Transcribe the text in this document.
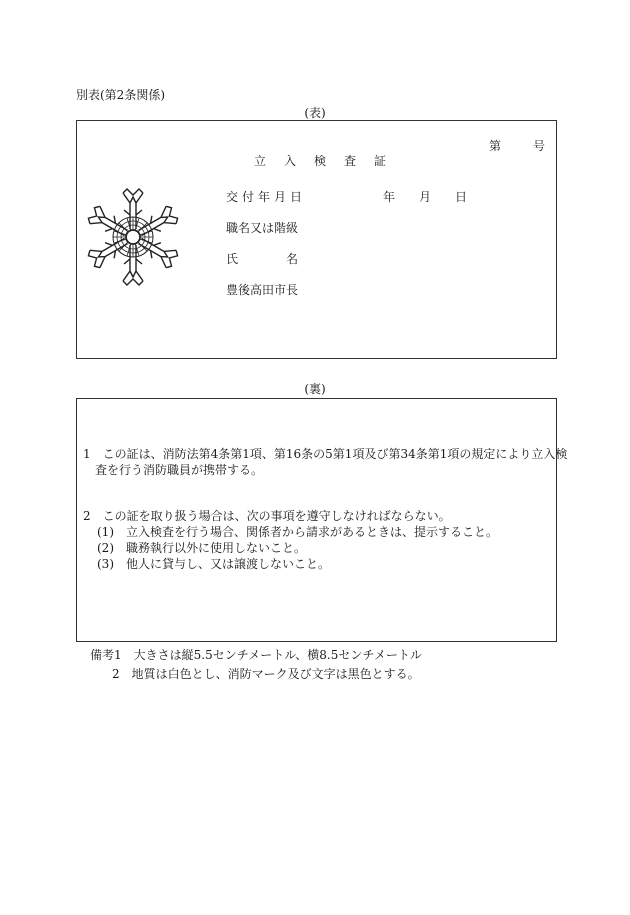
別表(第2条関係)
(表)
第	号
立 入 検 査 証
交 付 年 月 日	年 月 日
職名又は階級
氏	名
豊後高田市長
(裏)
1　この証は、消防法第4条第1項、第16条の5第1項及び第34条第1項の規定により立入検
査を行う消防職員が携帯する。
2　この証を取り扱う場合は、次の事項を遵守しなければならない。
(1)　立入検査を行う場合、関係者から請求があるときは、提示すること。
(2)　職務執行以外に使用しないこと。
(3)　他人に貸与し、又は譲渡しないこと。
備考1　大きさは縦5.5センチメートル、横8.5センチメートル
2　地質は白色とし、消防マーク及び文字は黒色とする。
